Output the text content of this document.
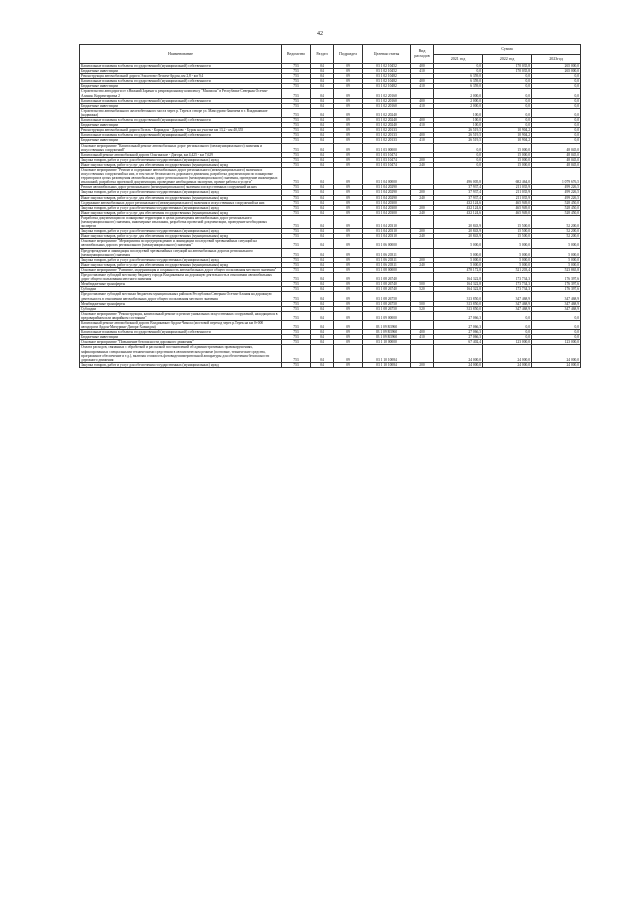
42
Наименование	Ведомство	Раздел	Подраздел	Целевая статья	Вид расходов	Сумма		
						2021 год	2022 год	2023год
Капитальные вложения в объекты государственной (муниципальной) собственности	753	04	09	03 1 02 10452	400	0,0	170 035,8	265 000,0
Бюджетные инвестиции	753	04	09	03 1 02 10452	410	0,0	170 035,8	265 000,0
Реконструкция автомобильной дороги Эльхотово-Лескен-Ардон, км 2,8 - км 9,4	753	04	09	03 1 02 10482		6 359,0	0,0	0,0
Капитальные вложения в объекты государственной (муниципальной) собственности	753	04	09	03 1 02 10482	400	6 359,0	0,0	0,0
Бюджетные инвестиции	753	04	09	03 1 02 10482	410	6 359,0	0,0	0,0
Строительство автодороги от г.Нижний Зарамаг к рекреационному комплексу "Мамисон" в Республике Северная Осетия-Алания. Корректировка 2	753	04	09	03 1 02 20160		2 000,0	0,0	0,0
Капитальные вложения в объекты государственной (муниципальной) собственности	753	04	09	03 1 02 20160	400	2 000,0	0,0	0,0
Бюджетные инвестиции	753	04	09	03 1 02 20160	410	2 000,0	0,0	0,0
Строительство автомобильного железобетонного моста через р. Терек в створе ул. Мамсурова-Зангиева в г. Владикавказе (надвижка)	753	04	09	03 1 02 20240		100,0	0,0	0,0
Капитальные вложения в объекты государственной (муниципальной) собственности	753	04	09	03 1 02 20240	400	100,0	0,0	0,0
Бюджетные инвестиции	753	04	09	03 1 02 20240	410	100,0	0,0	0,0
Реконструкция автомобильной дороги Гизель - Кармадон - Даргавс - Бурон на участке км 13,2 - км 40,355	753	04	09	03 1 02 20133		26 519,5	10 904,2	0,0
Капитальные вложения в объекты государственной (муниципальной) собственности	753	04	09	03 1 02 20133	400	26 519,5	10 904,2	0,0
Бюджетные инвестиции	753	04	09	03 1 02 20133	410	26 519,5	10 904,2	0,0
Основное мероприятие "Капитальный ремонт автомобильных дорог регионального (межмуниципального) значения и искусственных сооружений"	753	04	09	03 1 03 00000		0,0	15 000,0	48 045,0
Капитальный ремонт автомобильной дороги Ольгинское - Дигора, км 4,425 - км 7,629	753	04	09	03 1 03 10474		0,0	15 000,0	48 045,0
Закупка товаров, работ и услуг для обеспечения государственных (муниципальных) нужд	753	04	09	03 1 03 10474	200	0,0	15 000,0	48 045,0
Иные закупки товаров, работ и услуг для обеспечения государственных (муниципальных) нужд	753	04	09	03 1 03 10474	240	0,0	15 000,0	48 045,0
Основное мероприятие "Ремонт и содержание автомобильных дорог регионального (межмуниципального) значения и искусственных сооружений на них, в том числе безопасность дорожного движения, разработка документации по планировке территории в целях размещения автомобильных дорог регионального (межмуниципального) значения, проведение инженерных изысканий, разработка проектной документации, проведение необходимых экспертиз, прочие работы и услуги"	753	04	09	03 1 04 00000		496 005,8	682 464,0	1 079 676,5
Ремонт автомобильных дорог регионального (межмуниципального) значения и искусственных сооружений на них	753	04	09	03 1 04 20290		37 937,4	211 035,9	499 226,5
Закупка товаров, работ и услуг для обеспечения государственных (муниципальных) нужд	753	04	09	03 1 04 20290	200	37 937,4	211 035,9	499 226,5
Иные закупки товаров, работ и услуг для обеспечения государственных (муниципальных) нужд	753	04	09	03 1 04 20290	240	37 937,4	211 035,9	499 226,5
Содержание автомобильных дорог регионального (межмуниципального) значения и искусственных сооружений на них	753	04	09	03 1 04 20300		432 124,6	465 949,0	528 450,0
Закупка товаров, работ и услуг для обеспечения государственных (муниципальных) нужд	753	04	09	03 1 04 20300	200	432 124,6	465 949,0	528 450,0
Иные закупки товаров, работ и услуг для обеспечения государственных (муниципальных) нужд	753	04	09	03 1 04 20300	240	432 124,6	465 949,0	528 450,0
Разработка документации по планировке территории в целях размещения автомобильных дорог регионального (межмуниципального) значения, инженерные изыскания, разработка проектной документации, проведение необходимых экспертиз	753	04	09	03 1 04 20310		20 843,9	15 500,0	52 200,0
Закупка товаров, работ и услуг для обеспечения государственных (муниципальных) нужд	753	04	09	03 1 04 20310	200	20 843,9	15 500,0	52 200,0
Иные закупки товаров, работ и услуг для обеспечения государственных (муниципальных) нужд	753	04	09	03 1 04 20310	240	20 843,9	15 500,0	52 200,0
Основное мероприятие "Мероприятия по предупреждению и ликвидации последствий чрезвычайных ситуаций на автомобильных дорогах регионального (межмуниципального) значения"	753	04	09	03 1 06 00000		5 000,0	5 000,0	5 000,0
Предупреждение и ликвидация последствий чрезвычайных ситуаций на автомобильных дорогах регионального (межмуниципального) значения	753	04	09	03 1 06 20311		5 000,0	5 000,0	5 000,0
Закупка товаров, работ и услуг для обеспечения государственных (муниципальных) нужд	753	04	09	03 1 06 20311	200	5 000,0	5 000,0	5 000,0
Иные закупки товаров, работ и услуг для обеспечения государственных (муниципальных) нужд	753	04	09	03 1 06 20311	240	5 000,0	5 000,0	5 000,0
Основное мероприятие "Развитие, модернизация и сохранность автомобильных дорог общего пользования местного значения"	753	04	09	03 1 08 00000		478 172,8	521 203,4	523 865,8
Предоставление субсидий местному бюджету города Владикавказа на дорожную деятельность в отношении автомобильных дорог общего пользования местного значения	753	04	09	03 1 08 26740		164 322,8	173 734,3	176 397,6
Межбюджетные трансферты	753	04	09	03 1 08 26740	500	164 322,8	173 734,3	176 397,6
Субсидии	753	04	09	03 1 08 26740	520	164 322,8	173 734,3	176 397,6
Предоставление субсидий местным бюджетам муниципальных районов Республики Северная Осетия-Алания на дорожную деятельность в отношении автомобильных дорог общего пользования местного значения	753	04	09	03 1 08 26750		313 850,0	347 468,9	347 468,9
Межбюджетные трансферты	753	04	09	03 1 08 26750	500	313 850,0	347 468,9	347 468,9
Субсидии	753	04	09	03 1 08 26750	520	313 850,0	347 468,9	347 468,9
Основное мероприятие "Реконструкция, капитальный ремонт и ремонт уникальных искусственных сооружений, находящихся в предаварийном или аварийном состоянии"	753	04	09	03 1 09 00000		27 066,3	0,0	0,0
Капитальный ремонт автомобильной дороги Владикавказ-Ардон-Чикола (мостовой переход через р.Терек на км 0+000 автодороги Ардон-Мичурино-Дигора-Хазнидон)	753	04	09	03 1 09 R3960		27 066,3	0,0	0,0
Капитальные вложения в объекты государственной (муниципальной) собственности	753	04	09	03 1 09 R3960	400	27 066,3	0,0	0,0
Бюджетные инвестиции	753	04	09	03 1 09 R3960	410	27 066,3	0,0	0,0
Основное мероприятие "Повышение безопасности дорожного движения"	753	04	09	03 1 10 00000		67 402,4	123 000,0	123 000,0
Оплата расходов, связанных с обработкой и рассылкой постановлений об административных правонарушениях, зафиксированных специальными техническими средствами в автоматическом режиме (почтовые, технические средства, программное обеспечение и т.д.), включая стоимость фотовидеоизмерительной аппаратуры для обеспечения безопасности дорожного движения	753	04	09	03 1 10 10084		24 000,0	24 000,0	24 000,0
Закупка товаров, работ и услуг для обеспечения государственных (муниципальных) нужд	753	04	09	03 1 10 10084	200	24 000,0	24 000,0	24 000,0
